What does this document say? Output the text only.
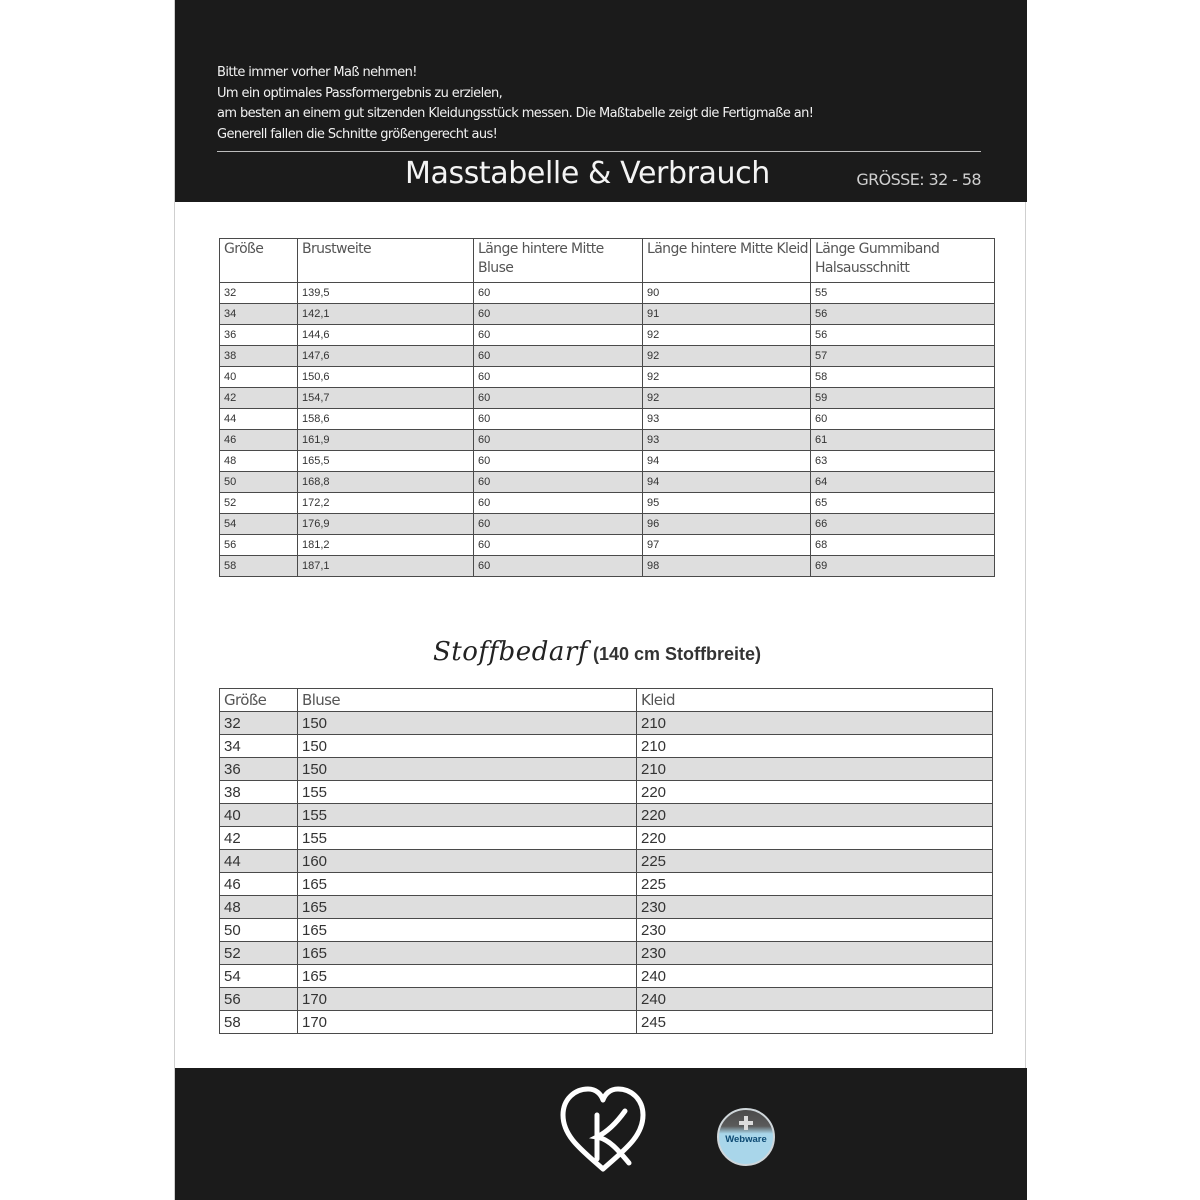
Bitte immer vorher Maß nehmen!
Um ein optimales Passformergebnis zu erzielen,
am besten an einem gut sitzenden Kleidungsstück messen. Die Maßtabelle zeigt die Fertigmaße an!
Generell fallen die Schnitte größengerecht aus!
Masstabelle & Verbrauch	GRÖSSE: 32 - 58
Größe	Brustweite	Länge hintere Mitte Bluse	Länge hintere Mitte Kleid	Länge Gummiband Halsausschnitt
32	139,5	60	90	55
34	142,1	60	91	56
36	144,6	60	92	56
38	147,6	60	92	57
40	150,6	60	92	58
42	154,7	60	92	59
44	158,6	60	93	60
46	161,9	60	93	61
48	165,5	60	94	63
50	168,8	60	94	64
52	172,2	60	95	65
54	176,9	60	96	66
56	181,2	60	97	68
58	187,1	60	98	69
Stoffbedarf (140 cm Stoffbreite)
Größe	Bluse	Kleid
32	150	210
34	150	210
36	150	210
38	155	220
40	155	220
42	155	220
44	160	225
46	165	225
48	165	230
50	165	230
52	165	230
54	165	240
56	170	240
58	170	245
Webware
